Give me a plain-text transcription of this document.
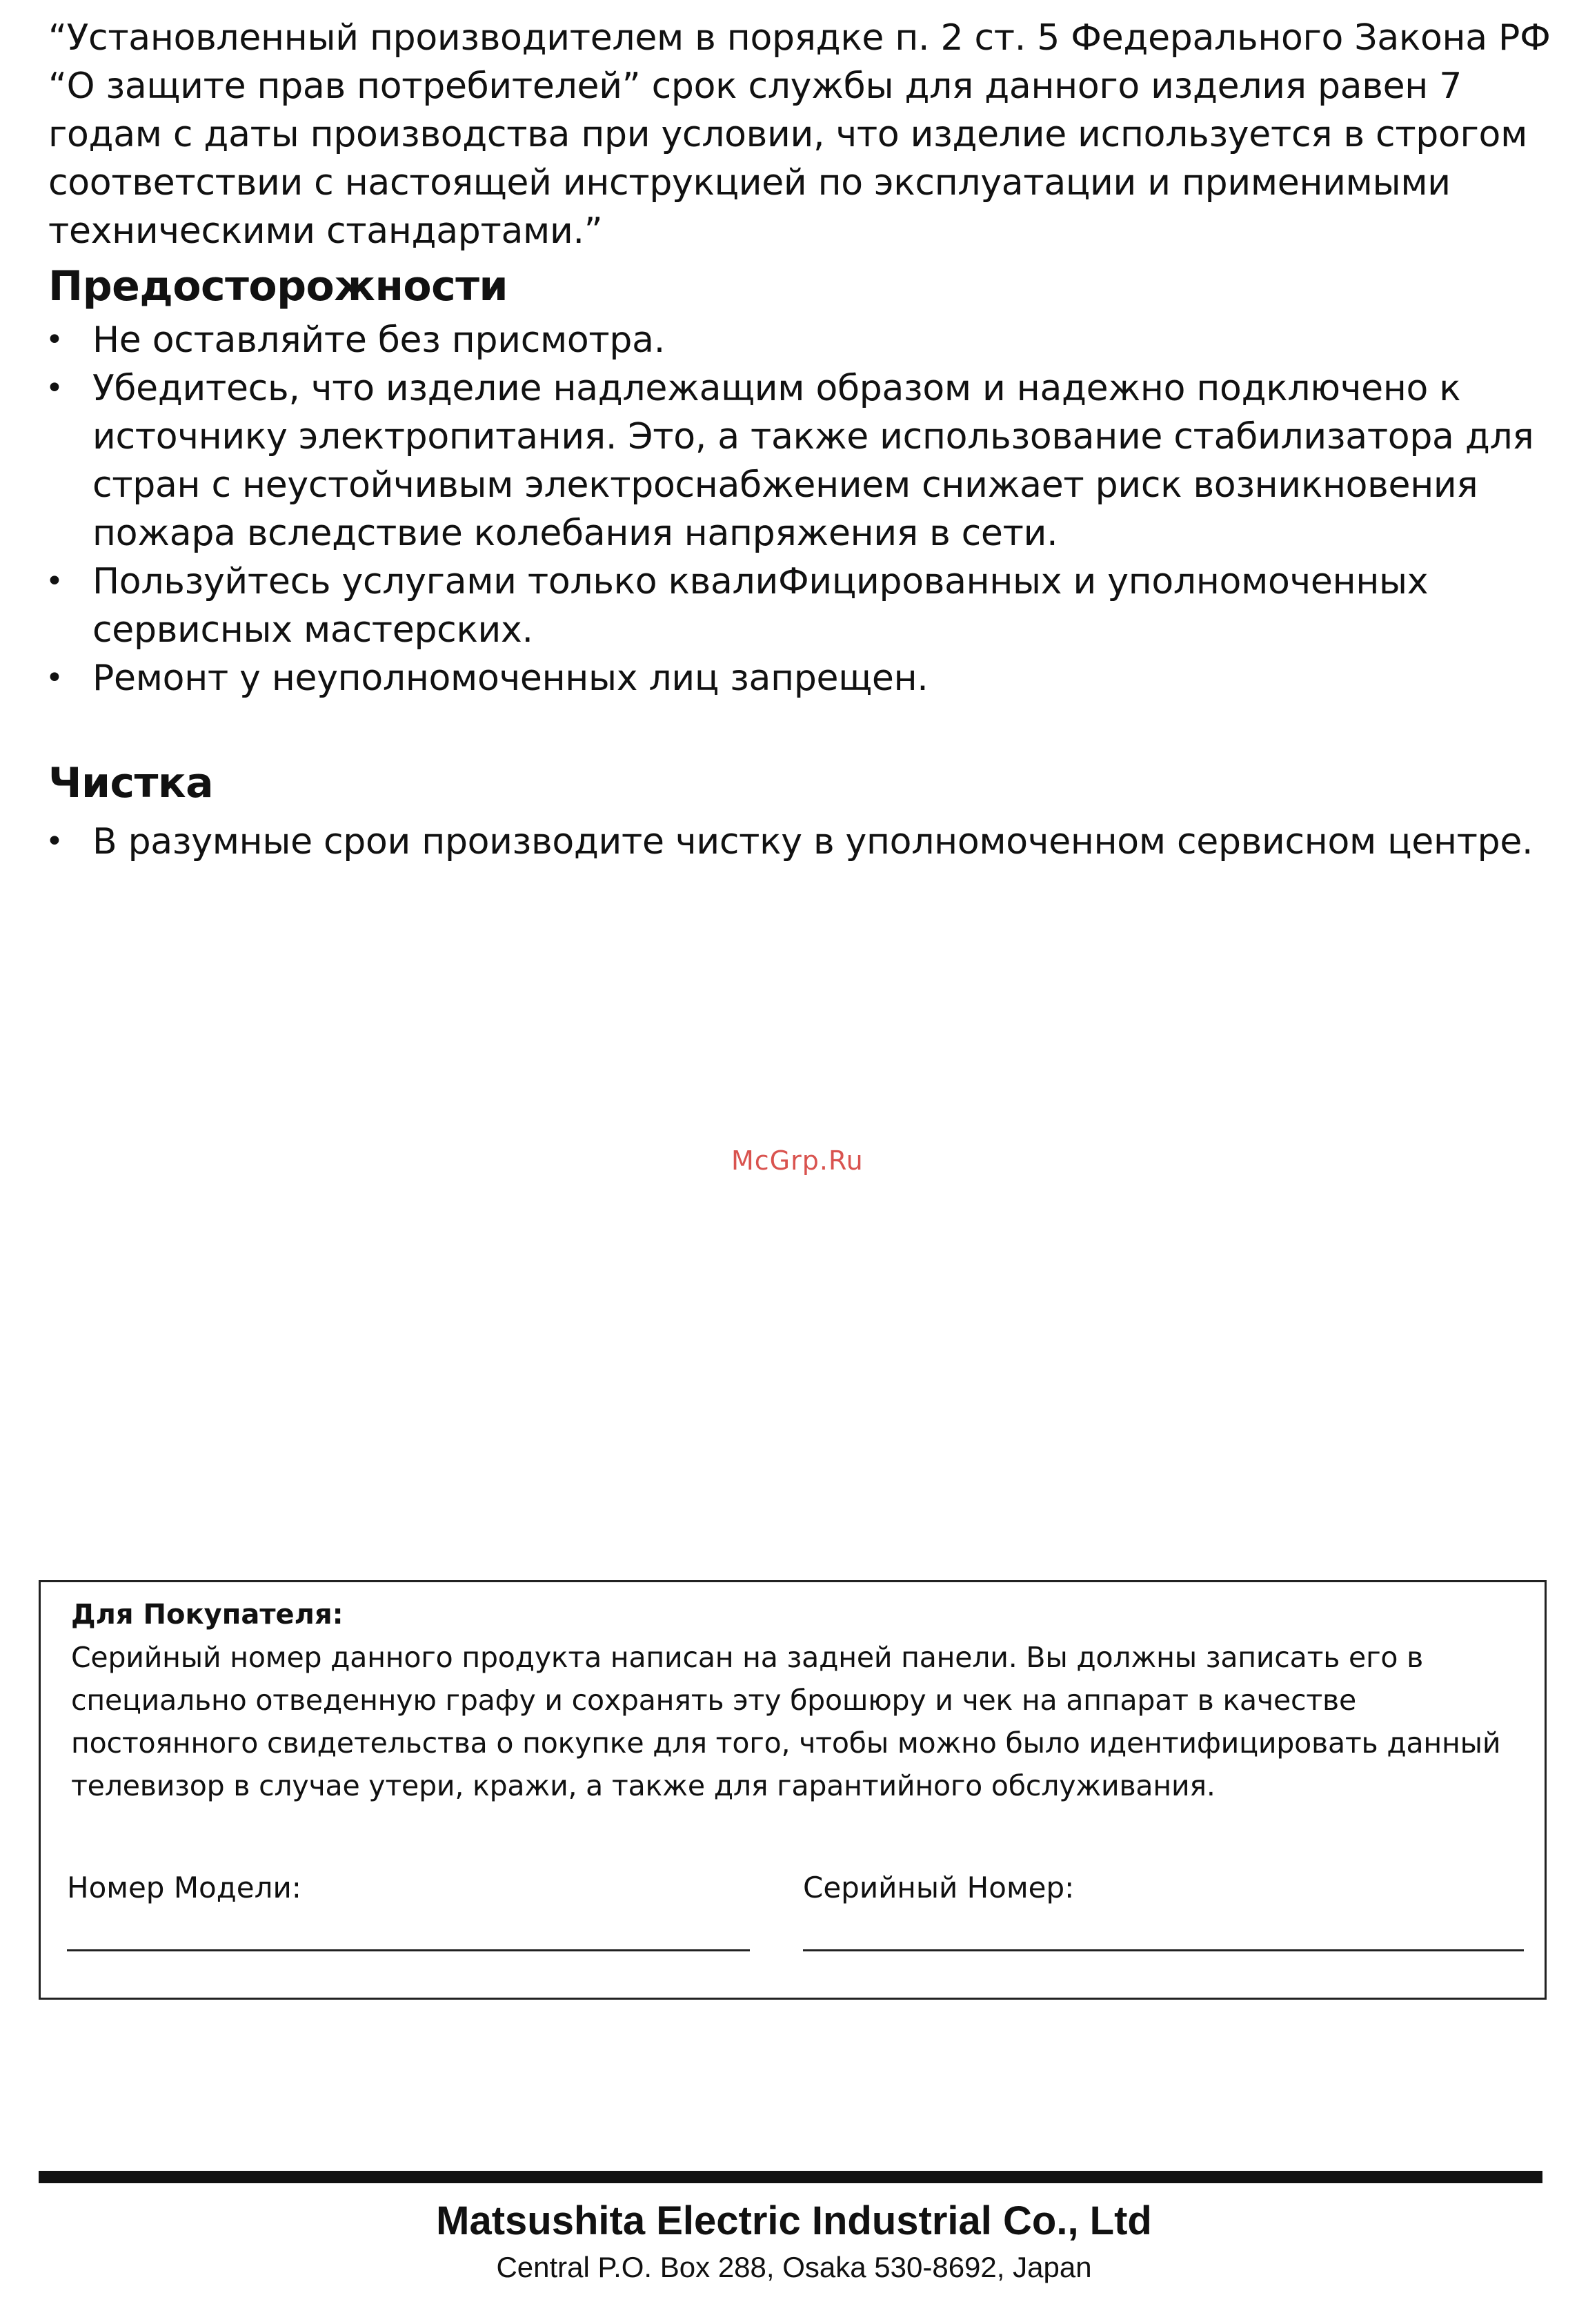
“Установленный производителем в порядке п. 2 ст. 5 Федерального Закона РФ “О защите прав потребителей” срок службы для данного изделия равен 7 годам с даты производства при условии, что изделие используется в строгом соответствии с настоящей инструкцией по эксплуатации и применимыми техническими стандартами.”

Предосторожности
• Не оставляйте без присмотра.
• Убедитесь, что изделие надлежащим образом и надежно подключено к источнику электропитания. Это, а также использование стабилизатора для стран с неустойчивым электроснабжением снижает риск возникновения пожара вследствие колебания напряжения в сети.
• Пользуйтесь услугами только квалиФицированных и уполномоченных сервисных мастерских.
• Ремонт у неуполномоченных лиц запрещен.
Чистка
• В разумные срои производите чистку в уполномоченном сервисном центре.
McGrp.Ru

Для Покупателя:

Серийный номер данного продукта написан на задней панели. Вы должны записать его в специально отведенную графу и сохранять эту брошюру и чек на аппарат в качестве постоянного свидетельства о покупке для того, чтобы можно было идентифицировать данный телевизор в случае утери, кражи, а также для гарантийного обслуживания.

Номер Модели:	Серийный Номер:

Matsushita Electric Industrial Co., Ltd

Central P.O. Box 288, Osaka 530-8692, Japan
